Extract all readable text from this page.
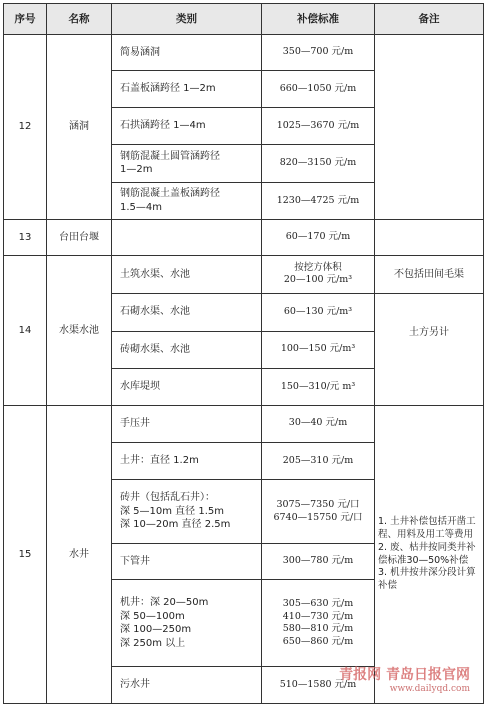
序号	名称	类别	补偿标准	备注
12	涵洞	简易涵洞	350—700 元/m	

		石盖板涵跨径 1—2m	660—1050 元/m	

		石拱涵跨径 1—4m	1025—3670 元/m	

		钢筋混凝土圆管涵跨径
1—2m	820—3150 元/m	

		钢筋混凝土盖板涵跨径
1.5—4m	1230—4725 元/m	

13	台田台堰		60—170 元/m	

14	水渠水池	土筑水渠、水池	按挖方体积
20—100 元/m³	不包括田间毛渠

		石砌水渠、水池	60—130 元/m³	土方另计

		砖砌水渠、水池	100—150 元/m³	

		水库堤坝	150—310/元 m³	

15	水井	手压井	30—40 元/m	1. 土井补偿包括开凿工程、用料及用工等费用
2. 废、枯井按同类井补偿标准30—50%补偿
3. 机井按井深分段计算补偿

		土井：直径 1.2m	205—310 元/m	

		砖井（包括乱石井）：
深 5—10m 直径 1.5m
深 10—20m 直径 2.5m	3075—7350 元/口
6740—15750 元/口	

		下管井	300—780 元/m	

		机井：深 20—50m
深 50—100m
深 100—250m
深 250m 以上	305—630 元/m
410—730 元/m
580—810 元/m
650—860 元/m	

		污水井	510—1580 元/m	
青报网 青岛日报官网
www.dailyqd.com
